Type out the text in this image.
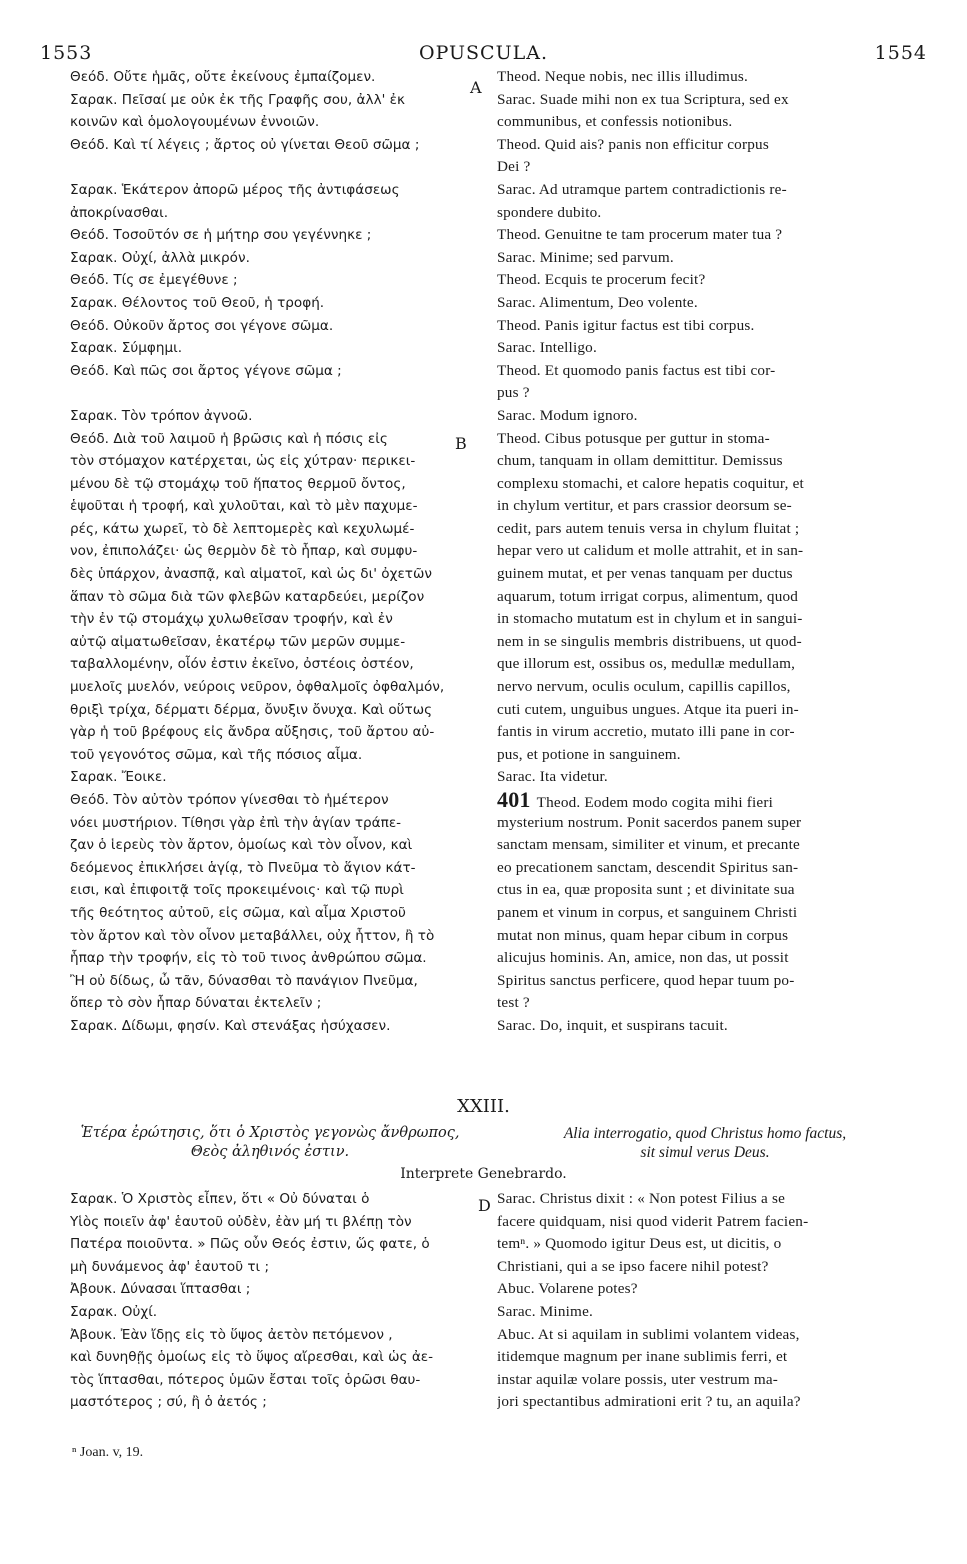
1553	OPUSCULA.	1554
A
B
D
Θεόδ. Οὔτε ἡμᾶς, οὔτε ἐκείνους ἐμπαίζομεν.
Σαρακ. Πεῖσαί με οὐκ ἐκ τῆς Γραφῆς σου, ἀλλ' ἐκ
κοινῶν καὶ ὁμολογουμένων ἐννοιῶν.
Θεόδ. Καὶ τί λέγεις ; ἄρτος οὐ γίνεται Θεοῦ σῶμα ;
Σαρακ. Ἑκάτερον ἀπορῶ μέρος τῆς ἀντιφάσεως
ἀποκρίνασθαι.
Θεόδ. Τοσοῦτόν σε ἡ μήτηρ σου γεγέννηκε ;
Σαρακ. Οὐχί, ἀλλὰ μικρόν.
Θεόδ. Τίς σε ἐμεγέθυνε ;
Σαρακ. Θέλοντος τοῦ Θεοῦ, ἡ τροφή.
Θεόδ. Οὐκοῦν ἄρτος σοι γέγονε σῶμα.
Σαρακ. Σύμφημι.
Θεόδ. Καὶ πῶς σοι ἄρτος γέγονε σῶμα ;
Σαρακ. Τὸν τρόπον ἀγνοῶ.
Θεόδ. Διὰ τοῦ λαιμοῦ ἡ βρῶσις καὶ ἡ πόσις εἰς
τὸν στόμαχον κατέρχεται, ὡς εἰς χύτραν· περικει-
μένου δὲ τῷ στομάχῳ τοῦ ἥπατος θερμοῦ ὄντος,
ἑψοῦται ἡ τροφή, καὶ χυλοῦται, καὶ τὸ μὲν παχυμε-
ρές, κάτω χωρεῖ, τὸ δὲ λεπτομερὲς καὶ κεχυλωμέ-
νον, ἐπιπολάζει· ὡς θερμὸν δὲ τὸ ἧπαρ, καὶ συμφυ-
δὲς ὑπάρχον, ἀνασπᾷ, καὶ αἱματοῖ, καὶ ὡς δι' ὀχετῶν
ἅπαν τὸ σῶμα διὰ τῶν φλεβῶν καταρδεύει, μερίζον
τὴν ἐν τῷ στομάχῳ χυλωθεῖσαν τροφήν, καὶ ἐν
αὐτῷ αἱματωθεῖσαν, ἑκατέρῳ τῶν μερῶν συμμε-
ταβαλλομένην, οἷόν ἐστιν ἐκεῖνο, ὀστέοις ὀστέον,
μυελοῖς μυελόν, νεύροις νεῦρον, ὀφθαλμοῖς ὀφθαλμόν,
θριξὶ τρίχα, δέρματι δέρμα, ὄνυξιν ὄνυχα. Καὶ οὕτως
γὰρ ἡ τοῦ βρέφους εἰς ἄνδρα αὔξησις, τοῦ ἄρτου αὐ-
τοῦ γεγονότος σῶμα, καὶ τῆς πόσιος αἷμα.
Σαρακ. Ἔοικε.
Θεόδ. Τὸν αὐτὸν τρόπον γίνεσθαι τὸ ἡμέτερον
νόει μυστήριον. Τίθησι γὰρ ἐπὶ τὴν ἁγίαν τράπε-
ζαν ὁ ἱερεὺς τὸν ἄρτον, ὁμοίως καὶ τὸν οἶνον, καὶ
δεόμενος ἐπικλήσει ἁγίᾳ, τὸ Πνεῦμα τὸ ἅγιον κάτ-
εισι, καὶ ἐπιφοιτᾷ τοῖς προκειμένοις· καὶ τῷ πυρὶ
τῆς θεότητος αὐτοῦ, εἰς σῶμα, καὶ αἷμα Χριστοῦ
τὸν ἄρτον καὶ τὸν οἶνον μεταβάλλει, οὐχ ἧττον, ἢ τὸ
ἧπαρ τὴν τροφήν, εἰς τὸ τοῦ τινος ἀνθρώπου σῶμα.
Ἢ οὐ δίδως, ὦ τᾶν, δύνασθαι τὸ πανάγιον Πνεῦμα,
ὅπερ τὸ σὸν ἧπαρ δύναται ἐκτελεῖν ;
Σαρακ. Δίδωμι, φησίν. Καὶ στενάξας ἡσύχασεν.
Theod. Neque nobis, nec illis illudimus.
Sarac. Suade mihi non ex tua Scriptura, sed ex
communibus, et confessis notionibus.
Theod. Quid ais? panis non efficitur corpus
Dei ?
Sarac. Ad utramque partem contradictionis re-
spondere dubito.
Theod. Genuitne te tam procerum mater tua ?
Sarac. Minime; sed parvum.
Theod. Ecquis te procerum fecit?
Sarac. Alimentum, Deo volente.
Theod. Panis igitur factus est tibi corpus.
Sarac. Intelligo.
Theod. Et quomodo panis factus est tibi cor-
pus ?
Sarac. Modum ignoro.
Theod. Cibus potusque per guttur in stoma-
chum, tanquam in ollam demittitur. Demissus
complexu stomachi, et calore hepatis coquitur, et
in chylum vertitur, et pars crassior deorsum se-
cedit, pars autem tenuis versa in chylum fluitat ;
hepar vero ut calidum et molle attrahit, et in san-
guinem mutat, et per venas tanquam per ductus
aquarum, totum irrigat corpus, alimentum, quod
in stomacho mutatum est in chylum et in sangui-
nem in se singulis membris distribuens, ut quod-
que illorum est, ossibus os, medullæ medullam,
nervo nervum, oculis oculum, capillis capillos,
cuti cutem, unguibus ungues. Atque ita pueri in-
fantis in virum accretio, mutato illi pane in cor-
pus, et potione in sanguinem.
Sarac. Ita videtur.
401 Theod. Eodem modo cogita mihi fieri
mysterium nostrum. Ponit sacerdos panem super
sanctam mensam, similiter et vinum, et precante
eo precationem sanctam, descendit Spiritus san-
ctus in ea, quæ proposita sunt ; et divinitate sua
panem et vinum in corpus, et sanguinem Christi
mutat non minus, quam hepar cibum in corpus
alicujus hominis. An, amice, non das, ut possit
Spiritus sanctus perficere, quod hepar tuum po-
test ?
Sarac. Do, inquit, et suspirans tacuit.
XXIII.
Ἑτέρα ἐρώτησις, ὅτι ὁ Χριστὸς γεγονὼς ἄνθρωπος,
Θεὸς ἀληθινός ἐστιν.
Alia interrogatio, quod Christus homo factus,
sit simul verus Deus.
Interprete Genebrardo.
Σαρακ. Ὁ Χριστὸς εἶπεν, ὅτι « Οὐ δύναται ὁ
Υἱὸς ποιεῖν ἀφ' ἑαυτοῦ οὐδὲν, ἐὰν μή τι βλέπῃ τὸν
Πατέρα ποιοῦντα. » Πῶς οὖν Θεός ἐστιν, ὥς φατε, ὁ
μὴ δυνάμενος ἀφ' ἑαυτοῦ τι ;
Ἀβουκ. Δύνασαι ἵπτασθαι ;
Σαρακ. Οὐχί.
Ἀβουκ. Ἐὰν ἴδῃς εἰς τὸ ὕψος ἀετὸν πετόμενον ,
καὶ δυνηθῇς ὁμοίως εἰς τὸ ὕψος αἴρεσθαι, καὶ ὡς ἀε-
τὸς ἵπτασθαι, πότερος ὑμῶν ἔσται τοῖς ὁρῶσι θαυ-
μαστότερος ; σύ, ἢ ὁ ἀετός ;
Sarac. Christus dixit : « Non potest Filius a se
facere quidquam, nisi quod viderit Patrem facien-
temⁿ. » Quomodo igitur Deus est, ut dicitis, o
Christiani, qui a se ipso facere nihil potest?
Abuc. Volarene potes?
Sarac. Minime.
Abuc. At si aquilam in sublimi volantem videas,
itidemque magnum per inane sublimis ferri, et
instar aquilæ volare possis, uter vestrum ma-
jori spectantibus admirationi erit ? tu, an aquila?
ⁿ Joan. v, 19.
